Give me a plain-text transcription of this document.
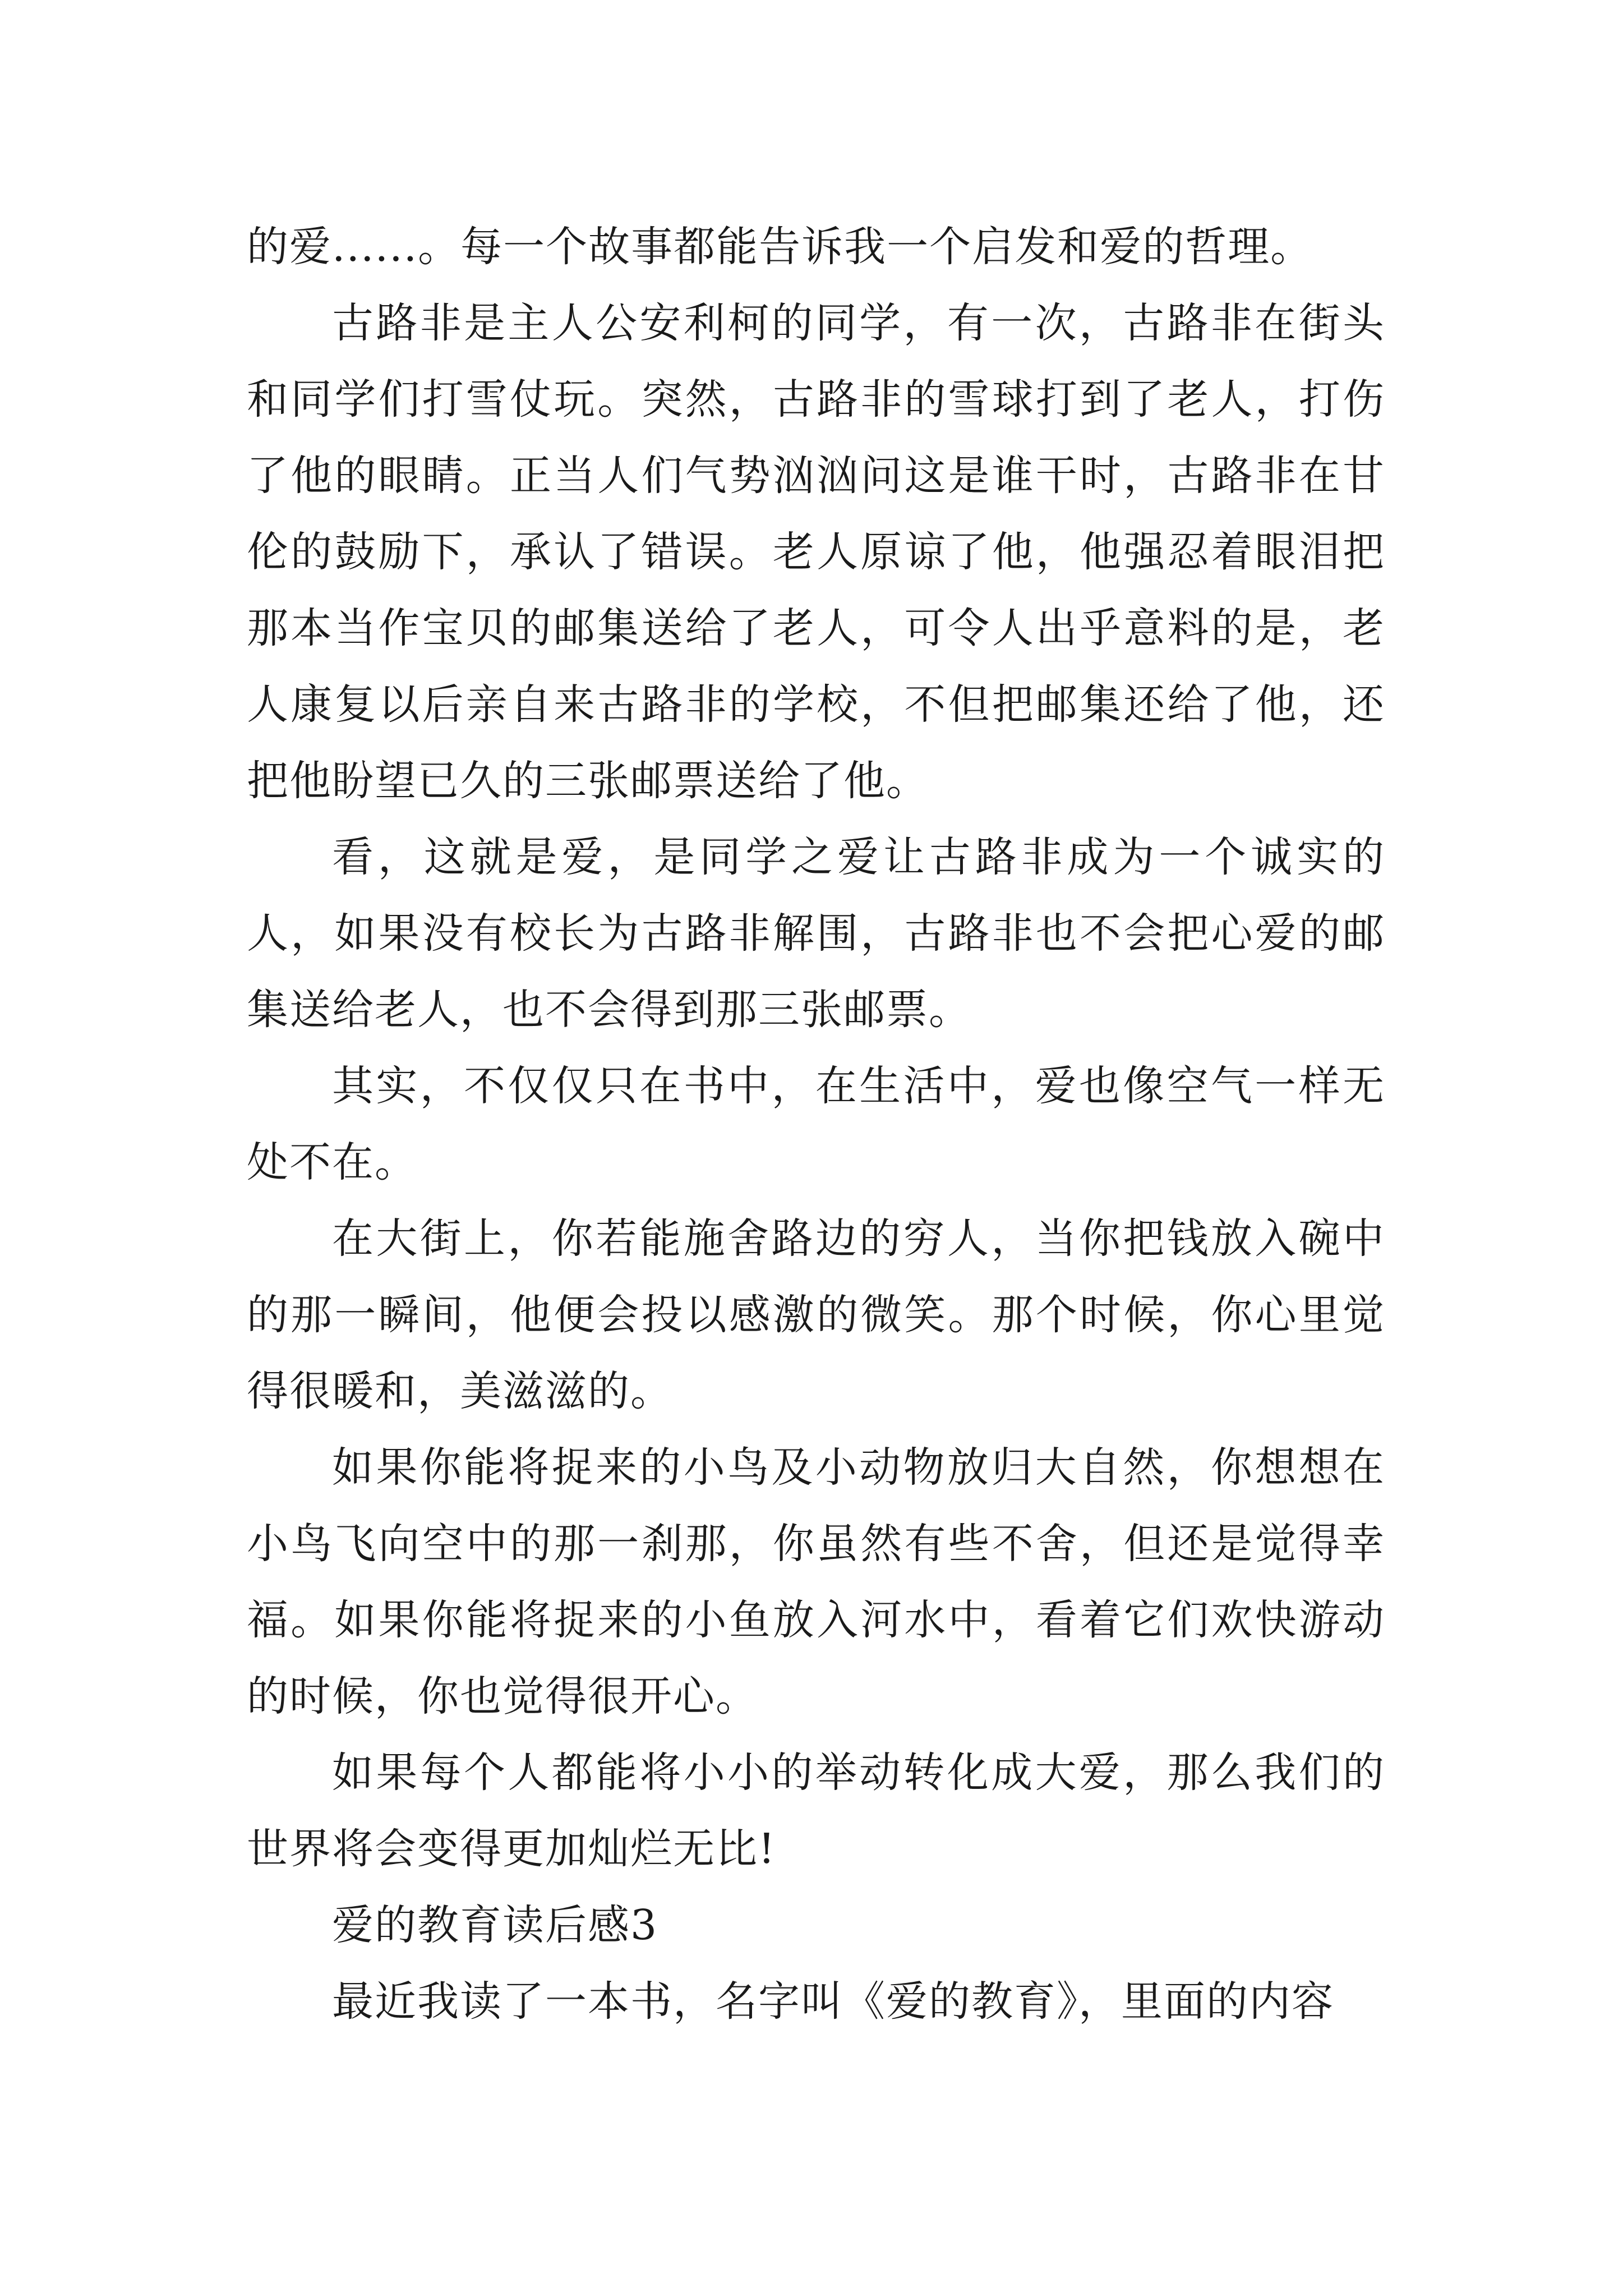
的爱......。每一个故事都能告诉我一个启发和爱的哲理。

古路非是主人公安利柯的同学，有一次，古路非在街头和同学们打雪仗玩。突然，古路非的雪球打到了老人，打伤了他的眼睛。正当人们气势汹汹问这是谁干时，古路非在甘伦的鼓励下，承认了错误。老人原谅了他，他强忍着眼泪把那本当作宝贝的邮集送给了老人，可令人出乎意料的是，老人康复以后亲自来古路非的学校，不但把邮集还给了他，还把他盼望已久的三张邮票送给了他。

看，这就是爱，是同学之爱让古路非成为一个诚实的人，如果没有校长为古路非解围，古路非也不会把心爱的邮集送给老人，也不会得到那三张邮票。

其实，不仅仅只在书中，在生活中，爱也像空气一样无处不在。

在大街上，你若能施舍路边的穷人，当你把钱放入碗中的那一瞬间，他便会投以感激的微笑。那个时候，你心里觉得很暖和，美滋滋的。

如果你能将捉来的小鸟及小动物放归大自然，你想想在小鸟飞向空中的那一刹那，你虽然有些不舍，但还是觉得幸福。如果你能将捉来的小鱼放入河水中，看着它们欢快游动的时候，你也觉得很开心。

如果每个人都能将小小的举动转化成大爱，那么我们的世界将会变得更加灿烂无比!

爱的教育读后感3

最近我读了一本书，名字叫《爱的教育》，里面的内容
